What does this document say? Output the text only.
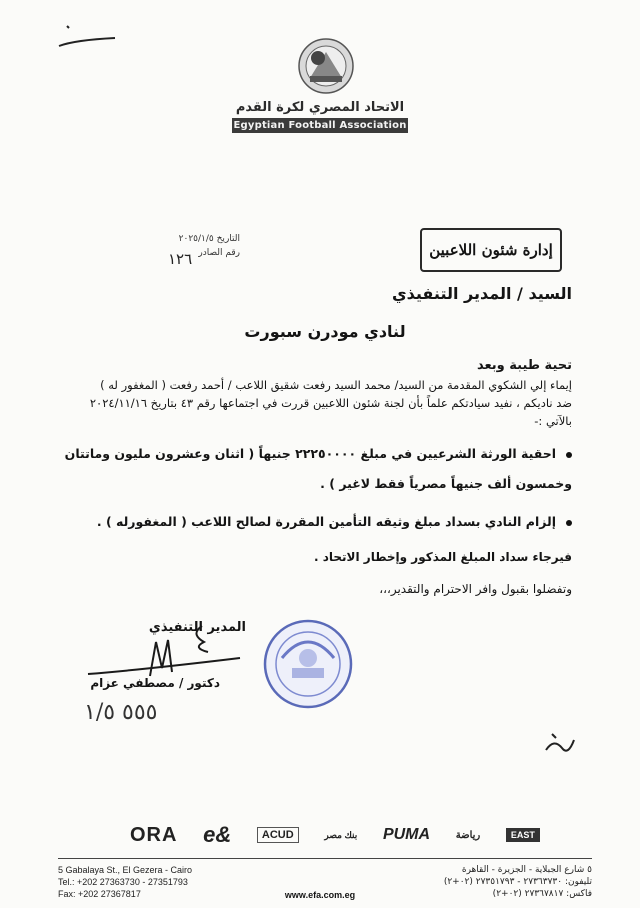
الاتحاد المصري لكرة القدم
Egyptian Football Association
التاريخ ٢٠٢٥/١/٥
رقم الصادر
١٢٦	إدارة شئون اللاعبين
السيد / المدير التنفيذي
لنادي مودرن سبورت
تحية طيبة وبعد
إيماء إلي الشكوي المقدمة من السيد/ محمد السيد رفعت شقيق اللاعب / أحمد رفعت ( المغفور له )
ضد ناديكم ، نفيد سيادتكم علماً بأن لجنة شئون اللاعبين قررت في اجتماعها رقم ٤٣ بتاريخ ٢٠٢٤/١١/١٦
بالآتي :-
احقية الورثة الشرعيين في مبلغ ٢٢٢٥٠٠٠٠ جنيهاً ( اثنان وعشرون مليون وماتتان
وخمسون ألف جنيهاً مصرياً فقط لاغير ) .
إلزام النادي بسداد مبلغ وثيقه التأمين المقررة لصالح اللاعب ( المغفورله ) .
فيرجاء سداد المبلغ المذكور وإخطار الاتحاد .
وتفضلوا بقبول وافر الاحترام والتقدير،،،
المدير التنفيذي
دكتور / مصطفي عزام
٥٥٥ ١/٥
ORA e&	ACUD	بنك مصر PUMA	رياضة	EAST
5 Gabalaya St., El Gezera - Cairo
Tel.: +202 27363730 - 27351793
Fax: +202 27367817
٥ شارع الجبلاية - الجزيرة - القاهرة
تليفون: ٢٧٣٦٣٧٣٠ - ٢٧٣٥١٧٩٣ (٠٢+٢)
فاكس: ٢٧٣٦٧٨١٧ (٠٢+٢)
www.efa.com.eg
